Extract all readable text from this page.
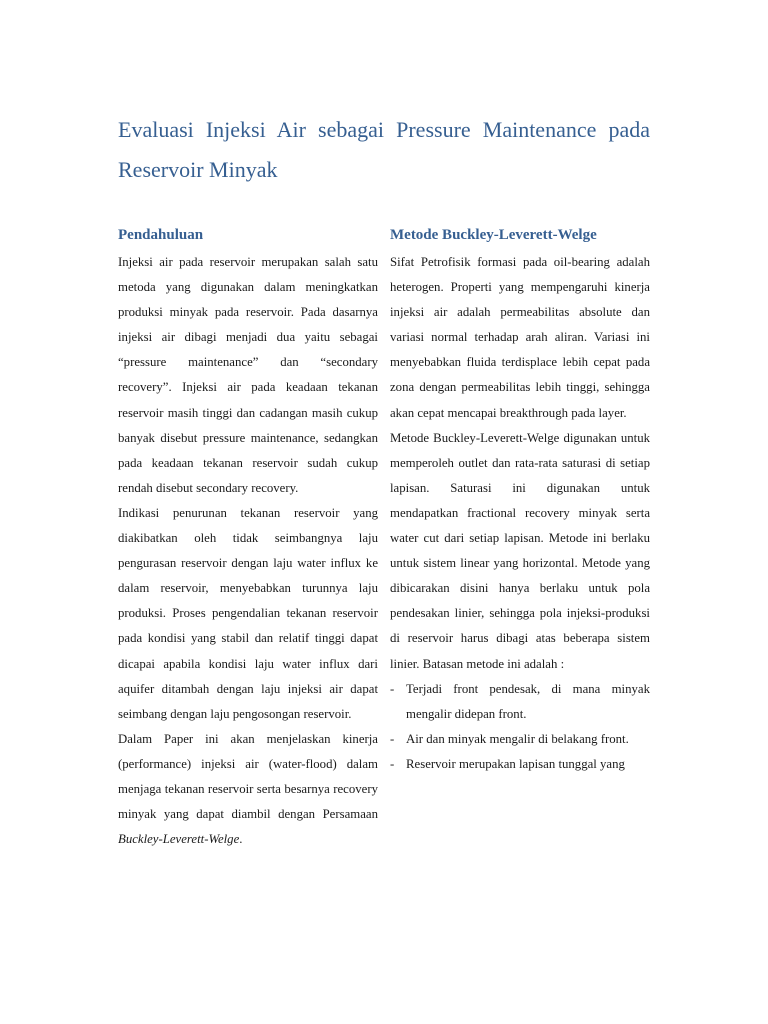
Evaluasi Injeksi Air sebagai Pressure Maintenance pada Reservoir Minyak
Pendahuluan

Injeksi air pada reservoir merupakan salah satu metoda yang digunakan dalam meningkatkan produksi minyak pada reservoir. Pada dasarnya injeksi air dibagi menjadi dua yaitu sebagai “pressure maintenance” dan “secondary recovery”. Injeksi air pada keadaan tekanan reservoir masih tinggi dan cadangan masih cukup banyak disebut pressure maintenance, sedangkan pada keadaan tekanan reservoir sudah cukup rendah disebut secondary recovery.

Indikasi penurunan tekanan reservoir yang diakibatkan oleh tidak seimbangnya laju pengurasan reservoir dengan laju water influx ke dalam reservoir, menyebabkan turunnya laju produksi. Proses pengendalian tekanan reservoir pada kondisi yang stabil dan relatif tinggi dapat dicapai apabila kondisi laju water influx dari aquifer ditambah dengan laju injeksi air dapat seimbang dengan laju pengosongan reservoir.

Dalam Paper ini akan menjelaskan kinerja (performance) injeksi air (water-flood) dalam menjaga tekanan reservoir serta besarnya recovery minyak yang dapat diambil dengan Persamaan Buckley-Leverett-Welge.

Metode Buckley-Leverett-Welge

Sifat Petrofisik formasi pada oil-bearing adalah heterogen. Properti yang mempengaruhi kinerja injeksi air adalah permeabilitas absolute dan variasi normal terhadap arah aliran. Variasi ini menyebabkan fluida terdisplace lebih cepat pada zona dengan permeabilitas lebih tinggi, sehingga akan cepat mencapai breakthrough pada layer.

Metode Buckley-Leverett-Welge digunakan untuk memperoleh outlet dan rata-rata saturasi di setiap lapisan. Saturasi ini digunakan untuk mendapatkan fractional recovery minyak serta water cut dari setiap lapisan. Metode ini berlaku untuk sistem linear yang horizontal. Metode yang dibicarakan disini hanya berlaku untuk pola pendesakan linier, sehingga pola injeksi-produksi di reservoir harus dibagi atas beberapa sistem linier. Batasan metode ini adalah :

- Terjadi front pendesak, di mana minyak mengalir didepan front.
- Air dan minyak mengalir di belakang front.
- Reservoir merupakan lapisan tunggal yang
